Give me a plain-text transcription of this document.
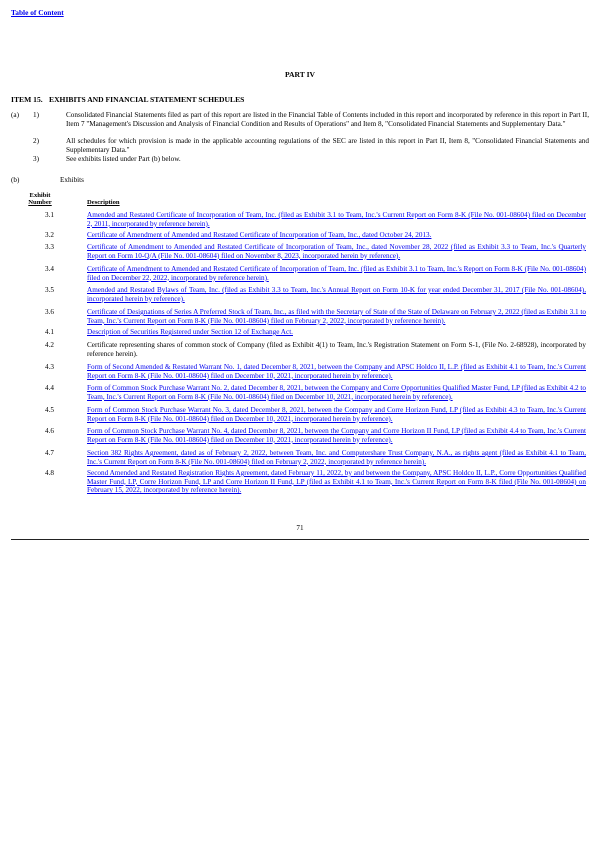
Table of Content
PART IV
ITEM 15. EXHIBITS AND FINANCIAL STATEMENT SCHEDULES
(a)	1)	Consolidated Financial Statements filed as part of this report are listed in the Financial Table of Contents included in this report and incorporated by reference in this report in Part II, Item 7 "Management's Discussion and Analysis of Financial Condition and Results of Operations" and Item 8, "Consolidated Financial Statements and Supplementary Data."
2)	All schedules for which provision is made in the applicable accounting regulations of the SEC are listed in this report in Part II, Item 8, "Consolidated Financial Statements and Supplementary Data."
3)	See exhibits listed under Part (b) below.
(b)	Exhibits
Exhibit
Number	Description
3.1	Amended and Restated Certificate of Incorporation of Team, Inc. (filed as Exhibit 3.1 to Team, Inc.'s Current Report on Form 8-K (File No. 001-08604) filed on December 2, 2011, incorporated by reference herein).
3.2	Certificate of Amendment of Amended and Restated Certificate of Incorporation of Team, Inc., dated October 24, 2013.
3.3	Certificate of Amendment to Amended and Restated Certificate of Incorporation of Team, Inc., dated November 28, 2022 (filed as Exhibit 3.3 to Team, Inc.'s Quarterly Report on Form 10-Q/A (File No. 001-08604) filed on November 8, 2023, incorporated herein by reference).
3.4	Certificate of Amendment to Amended and Restated Certificate of Incorporation of Team, Inc. (filed as Exhibit 3.1 to Team, Inc.'s Report on Form 8-K (File No. 001-08604) filed on December 22, 2022, incorporated by reference herein).
3.5	Amended and Restated Bylaws of Team, Inc. (filed as Exhibit 3.3 to Team, Inc.'s Annual Report on Form 10-K for year ended December 31, 2017 (File No. 001-08604), incorporated herein by reference).
3.6	Certificate of Designations of Series A Preferred Stock of Team, Inc., as filed with the Secretary of State of the State of Delaware on February 2, 2022 (filed as Exhibit 3.1 to Team, Inc.'s Current Report on Form 8-K (File No. 001-08604) filed on February 2, 2022, incorporated by reference herein).
4.1	Description of Securities Registered under Section 12 of Exchange Act.
4.2	Certificate representing shares of common stock of Company (filed as Exhibit 4(1) to Team, Inc.'s Registration Statement on Form S-1, (File No. 2-68928), incorporated by reference herein).
4.3	Form of Second Amended & Restated Warrant No. 1, dated December 8, 2021, between the Company and APSC Holdco II, L.P. (filed as Exhibit 4.1 to Team, Inc.'s Current Report on Form 8-K (File No. 001-08604) filed on December 10, 2021, incorporated herein by reference).
4.4	Form of Common Stock Purchase Warrant No. 2, dated December 8, 2021, between the Company and Corre Opportunities Qualified Master Fund, LP (filed as Exhibit 4.2 to Team, Inc.'s Current Report on Form 8-K (File No. 001-08604) filed on December 10, 2021, incorporated herein by reference).
4.5	Form of Common Stock Purchase Warrant No. 3, dated December 8, 2021, between the Company and Corre Horizon Fund, LP (filed as Exhibit 4.3 to Team, Inc.'s Current Report on Form 8-K (File No. 001-08604) filed on December 10, 2021, incorporated herein by reference).
4.6	Form of Common Stock Purchase Warrant No. 4, dated December 8, 2021, between the Company and Corre Horizon II Fund, LP (filed as Exhibit 4.4 to Team, Inc.'s Current Report on Form 8-K (File No. 001-08604) filed on December 10, 2021, incorporated herein by reference).
4.7	Section 382 Rights Agreement, dated as of February 2, 2022, between Team, Inc. and Computershare Trust Company, N.A., as rights agent (filed as Exhibit 4.1 to Team, Inc.'s Current Report on Form 8-K (File No. 001-08604) filed on February 2, 2022, incorporated by reference herein).
4.8	Second Amended and Restated Registration Rights Agreement, dated February 11, 2022, by and between the Company, APSC Holdco II, L.P., Corre Opportunities Qualified Master Fund, LP, Corre Horizon Fund, LP and Corre Horizon II Fund, LP (filed as Exhibit 4.1 to Team, Inc.'s Current Report on Form 8-K filed (File No. 001-08604) on February 15, 2022, incorporated by reference herein).
71
